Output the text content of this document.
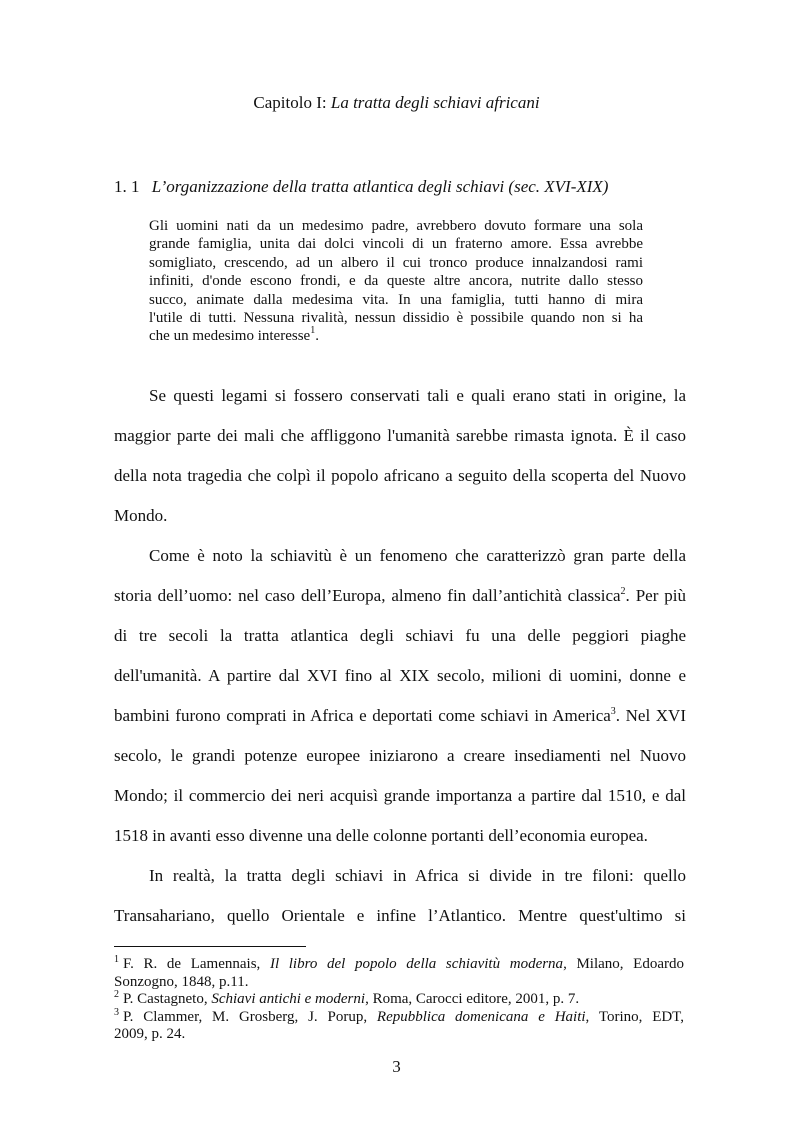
Capitolo I: La tratta degli schiavi africani
1. 1 L’organizzazione della tratta atlantica degli schiavi (sec. XVI-XIX)
Gli uomini nati da un medesimo padre, avrebbero dovuto formare una sola
grande famiglia, unita dai dolci vincoli di un fraterno amore. Essa avrebbe
somigliato, crescendo, ad un albero il cui tronco produce innalzandosi rami
infiniti, d'onde escono frondi, e da queste altre ancora, nutrite dallo stesso
succo, animate dalla medesima vita. In una famiglia, tutti hanno di mira
l'utile di tutti. Nessuna rivalità, nessun dissidio è possibile quando non si ha
che un medesimo interesse$^1$.
Se questi legami si fossero conservati tali e quali erano stati in origine, la
maggior parte dei mali che affliggono l'umanità sarebbe rimasta ignota. È il caso
della nota tragedia che colpì il popolo africano a seguito della scoperta del Nuovo
Mondo.
Come è noto la schiavitù è un fenomeno che caratterizzò gran parte della
storia dell’uomo: nel caso dell’Europa, almeno fin dall’antichità classica$^2$. Per più
di tre secoli la tratta atlantica degli schiavi fu una delle peggiori piaghe
dell'umanità. A partire dal XVI fino al XIX secolo, milioni di uomini, donne e
bambini furono comprati in Africa e deportati come schiavi in America$^3$. Nel XVI
secolo, le grandi potenze europee iniziarono a creare insediamenti nel Nuovo
Mondo; il commercio dei neri acquisì grande importanza a partire dal 1510, e dal
1518 in avanti esso divenne una delle colonne portanti dell’economia europea.
In realtà, la tratta degli schiavi in Africa si divide in tre filoni: quello
Transahariano, quello Orientale e infine l’Atlantico. Mentre quest'ultimo si
$^1$ F. R. de Lamennais, Il libro del popolo della schiavitù moderna, Milano, Edoardo
Sonzogno, 1848, p.11.
$^2$ P. Castagneto, Schiavi antichi e moderni, Roma, Carocci editore, 2001, p. 7.
$^3$ P. Clammer, M. Grosberg, J. Porup, Repubblica domenicana e Haiti, Torino, EDT,
2009, p. 24.
3
